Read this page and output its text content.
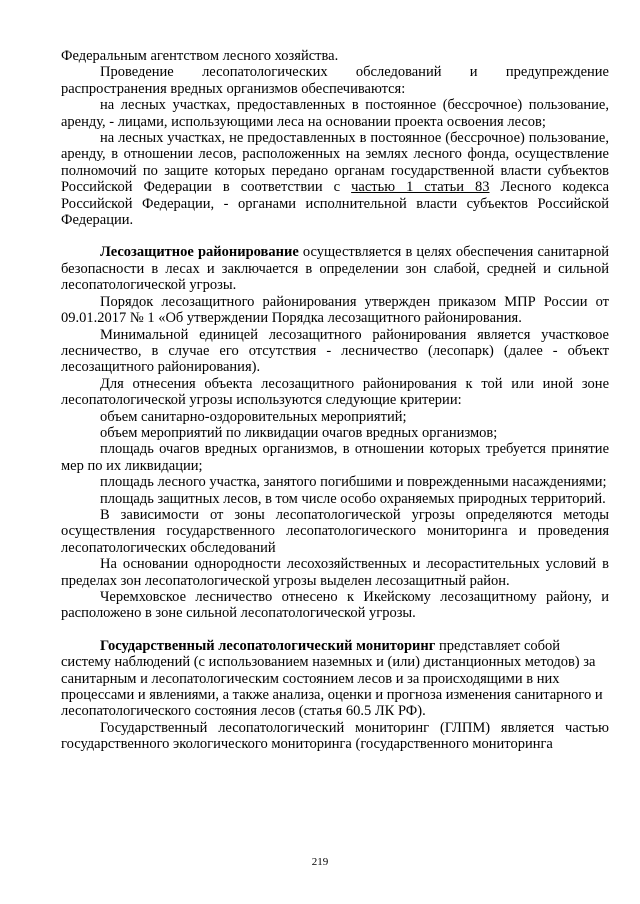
Федеральным агентством лесного хозяйства.

Проведение лесопатологических обследований и предупреждение распространения вредных организмов обеспечиваются:

на лесных участках, предоставленных в постоянное (бессрочное) пользование, аренду, - лицами, использующими леса на основании проекта освоения лесов;

на лесных участках, не предоставленных в постоянное (бессрочное) пользование, аренду, в отношении лесов, расположенных на землях лесного фонда, осуществление полномочий по защите которых передано органам государственной власти субъектов Российской Федерации в соответствии с частью 1 статьи 83 Лесного кодекса Российской Федерации, - органами исполнительной власти субъектов Российской Федерации.

Лесозащитное районирование осуществляется в целях обеспечения санитарной безопасности в лесах и заключается в определении зон слабой, средней и сильной лесопатологической угрозы.

Порядок лесозащитного районирования утвержден приказом МПР России от 09.01.2017 № 1 «Об утверждении Порядка лесозащитного районирования.

Минимальной единицей лесозащитного районирования является участковое лесничество, в случае его отсутствия - лесничество (лесопарк) (далее - объект лесозащитного районирования).

Для отнесения объекта лесозащитного районирования к той или иной зоне лесопатологической угрозы используются следующие критерии:

объем санитарно-оздоровительных мероприятий;

объем мероприятий по ликвидации очагов вредных организмов;

площадь очагов вредных организмов, в отношении которых требуется принятие мер по их ликвидации;

площадь лесного участка, занятого погибшими и поврежденными насаждениями;

площадь защитных лесов, в том числе особо охраняемых природных территорий.

В зависимости от зоны лесопатологической угрозы определяются методы осуществления государственного лесопатологического мониторинга и проведения лесопатологических обследований

На основании однородности лесохозяйственных и лесорастительных условий в пределах зон лесопатологической угрозы выделен лесозащитный район.

Черемховское лесничество отнесено к Икейскому лесозащитному району, и расположено в зоне сильной лесопатологической угрозы.

Государственный лесопатологический мониторинг представляет собой систему наблюдений (с использованием наземных и (или) дистанционных методов) за санитарным и лесопатологическим состоянием лесов и за происходящими в них процессами и явлениями, а также анализа, оценки и прогноза изменения санитарного и лесопатологического состояния лесов (статья 60.5 ЛК РФ).

Государственный лесопатологический мониторинг (ГЛПМ) является частью государственного экологического мониторинга (государственного мониторинга

219
